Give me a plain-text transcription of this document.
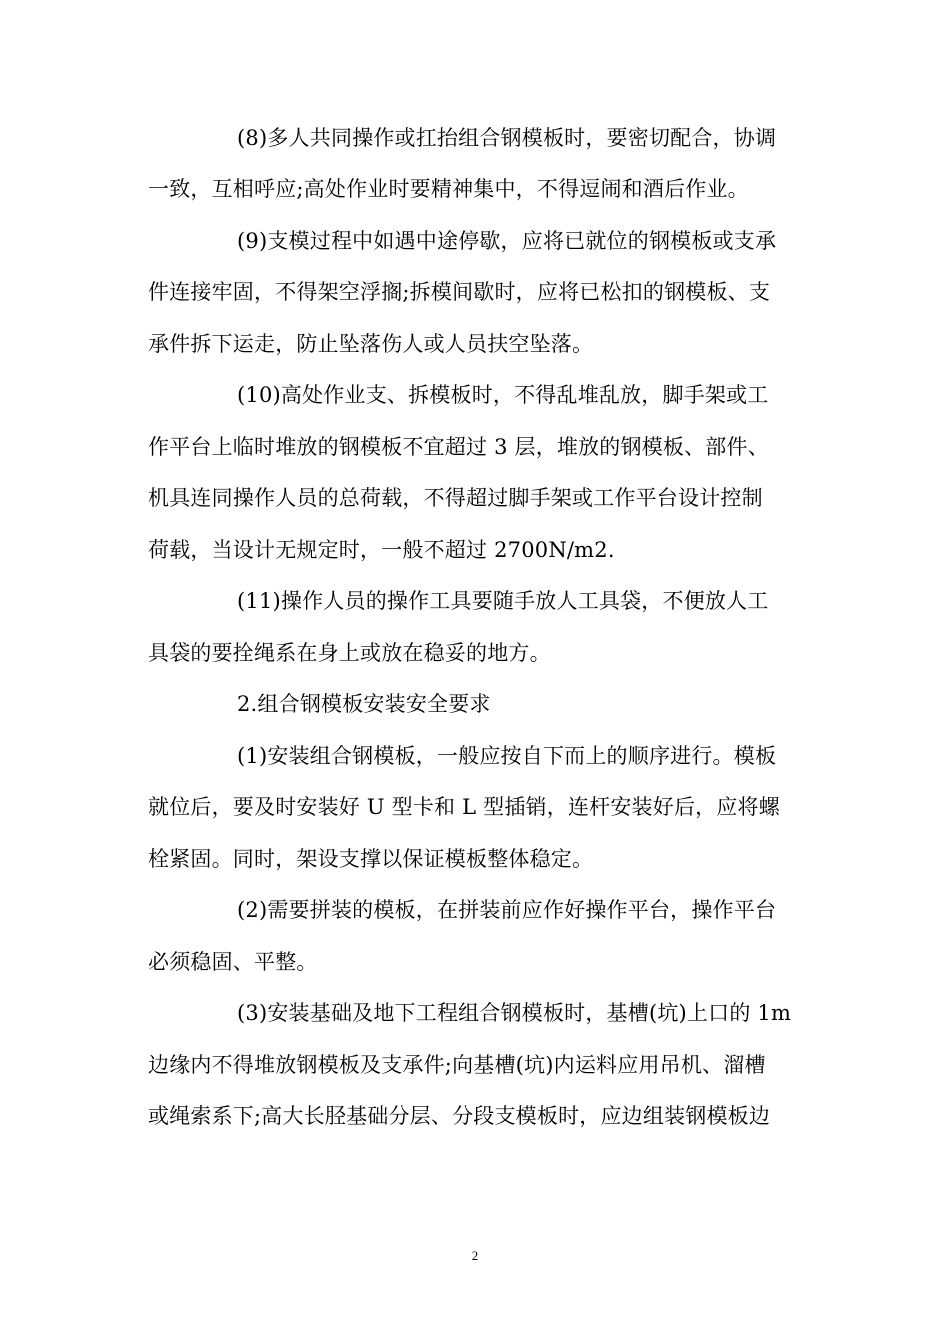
(8)多人共同操作或扛抬组合钢模板时，要密切配合，协调
一致，互相呼应;高处作业时要精神集中，不得逗闹和酒后作业。
(9)支模过程中如遇中途停歇，应将已就位的钢模板或支承
件连接牢固，不得架空浮搁;拆模间歇时，应将已松扣的钢模板、支
承件拆下运走，防止坠落伤人或人员扶空坠落。
(10)高处作业支、拆模板时，不得乱堆乱放，脚手架或工
作平台上临时堆放的钢模板不宜超过 3 层，堆放的钢模板、部件、
机具连同操作人员的总荷载，不得超过脚手架或工作平台设计控制
荷载，当设计无规定时，一般不超过 2700N/m2.
(11)操作人员的操作工具要随手放人工具袋，不便放人工
具袋的要拴绳系在身上或放在稳妥的地方。
2.组合钢模板安装安全要求
(1)安装组合钢模板，一般应按自下而上的顺序进行。模板
就位后，要及时安装好 U 型卡和 L 型插销，连杆安装好后，应将螺
栓紧固。同时，架设支撑以保证模板整体稳定。
(2)需要拼装的模板，在拼装前应作好操作平台，操作平台
必须稳固、平整。
(3)安装基础及地下工程组合钢模板时，基槽(坑)上口的 1m
边缘内不得堆放钢模板及支承件;向基槽(坑)内运料应用吊机、溜槽
或绳索系下;高大长胫基础分层、分段支模板时，应边组装钢模板边
2
